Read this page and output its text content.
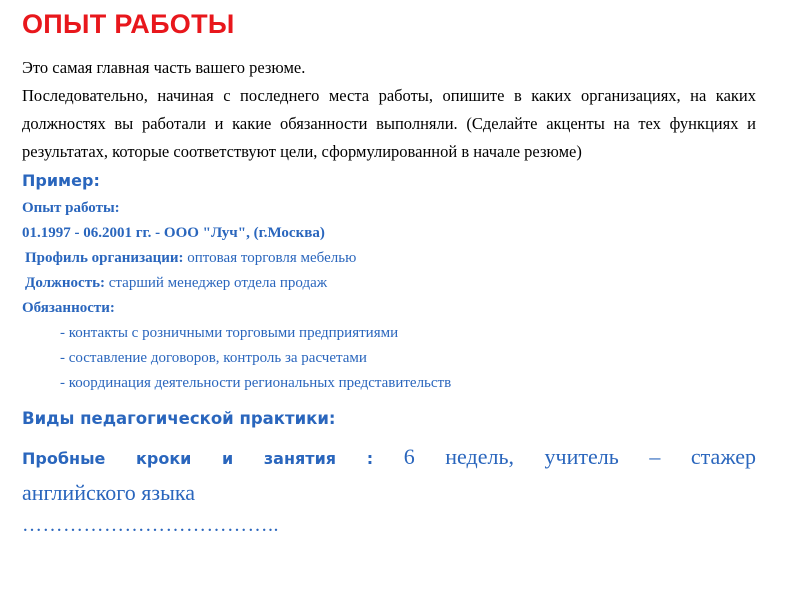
ОПЫТ РАБОТЫ

Это самая главная часть вашего резюме.

Последовательно, начиная с последнего места работы, опишите в каких организациях, на каких должностях вы работали и какие обязанности выполняли. (Сделайте акценты на тех функциях и результатах, которые соответствуют цели, сформулированной в начале резюме)

Пример:
Опыт работы:
01.1997 - 06.2001 гг. - ООО "Луч", (г.Москва)
Профиль организации: оптовая торговля мебелью
Должность: старший менеджер отдела продаж
Обязанности:
- контакты с розничными торговыми предприятиями
- составление договоров, контроль за расчетами
- координация деятельности региональных представительств
Виды педагогической практики:
Пробные кроки и занятия : 6 недель, учитель – стажер
английского языка
………………………………..
